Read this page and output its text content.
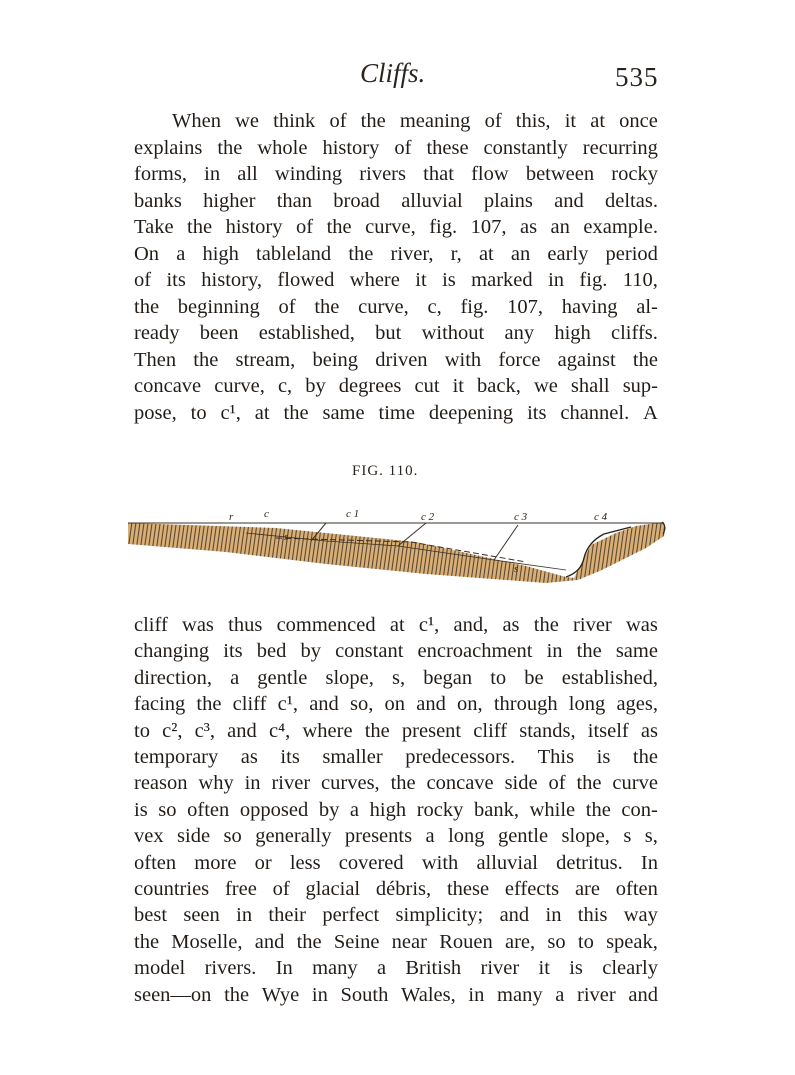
Cliffs.	535
When we think of the meaning of this, it at once
explains the whole history of these constantly recurring
forms, in all winding rivers that flow between rocky
banks higher than broad alluvial plains and deltas.
Take the history of the curve, fig. 107, as an example.
On a high tableland the river, r, at an early period
of its history, flowed where it is marked in fig. 110,
the beginning of the curve, c, fig. 107, having al-
ready been established, but without any high cliffs.
Then the stream, being driven with force against the
concave curve, c, by degrees cut it back, we shall sup-
pose, to c¹, at the same time deepening its channel. A
FIG. 110.
r	c	c 1	c 2	c 3	c 4
s
s
cliff was thus commenced at c¹, and, as the river was
changing its bed by constant encroachment in the same
direction, a gentle slope, s, began to be established,
facing the cliff c¹, and so, on and on, through long ages,
to c², c³, and c⁴, where the present cliff stands, itself as
temporary as its smaller predecessors. This is the
reason why in river curves, the concave side of the curve
is so often opposed by a high rocky bank, while the con-
vex side so generally presents a long gentle slope, s s,
often more or less covered with alluvial detritus. In
countries free of glacial débris, these effects are often
best seen in their perfect simplicity; and in this way
the Moselle, and the Seine near Rouen are, so to speak,
model rivers. In many a British river it is clearly
seen—on the Wye in South Wales, in many a river and
